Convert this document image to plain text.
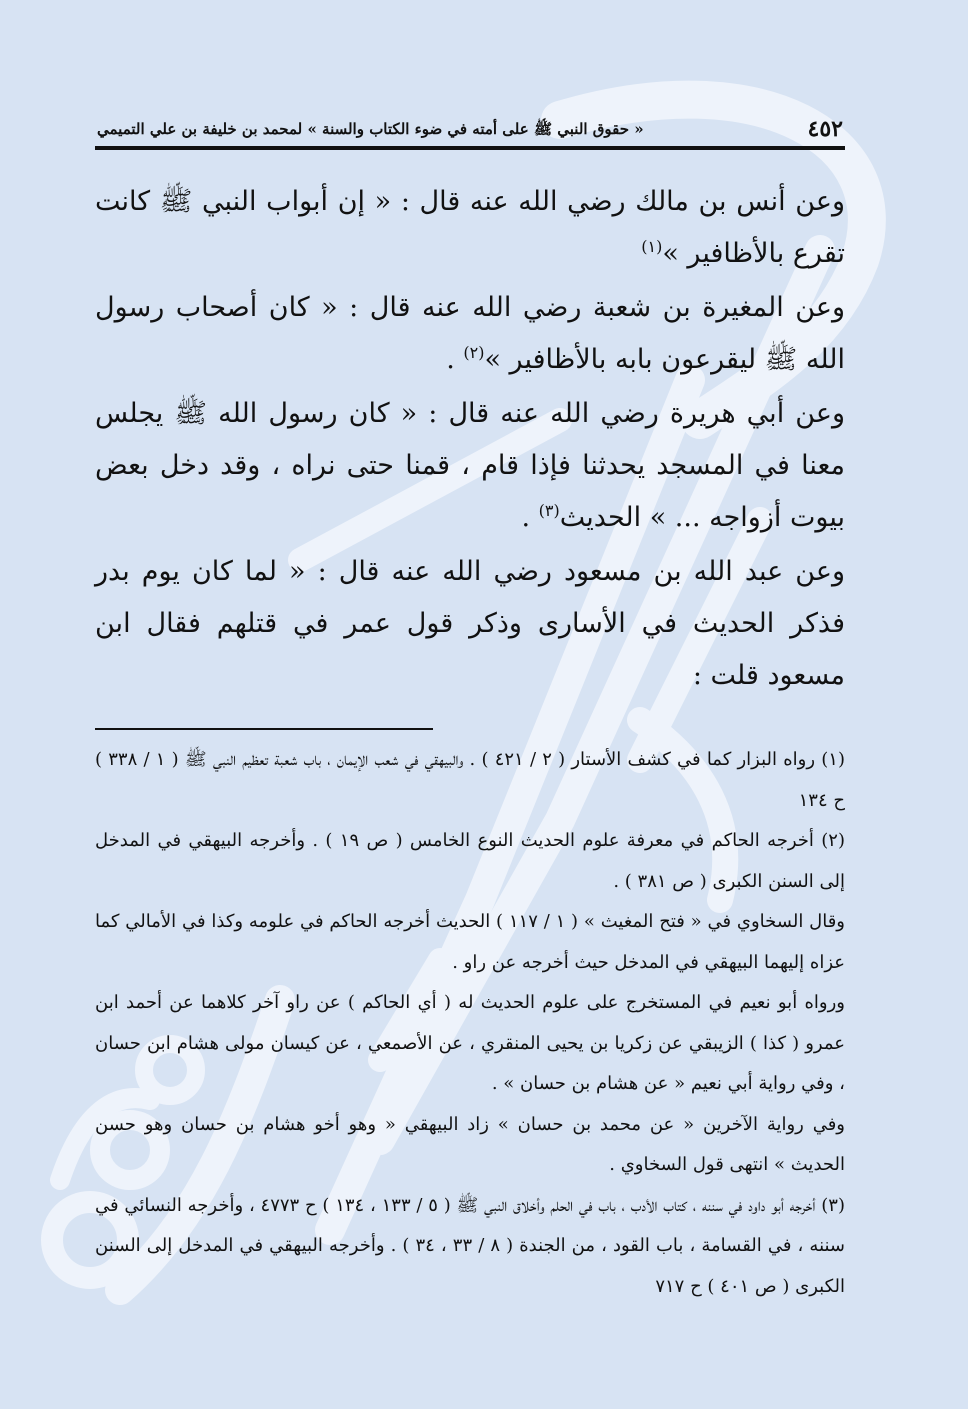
٤٥٢
« حقوق النبي ﷺ على أمته في ضوء الكتاب والسنة » لمحمد بن خليفة بن علي التميمي

وعن أنس بن مالك رضي الله عنه قال : « إن أبواب النبي ﷺ كانت تقرع بالأظافير »$^{(١)}$

وعن المغيرة بن شعبة رضي الله عنه قال : « كان أصحاب رسول الله ﷺ ليقرعون بابه بالأظافير »$^{(٢)}$ .

وعن أبي هريرة رضي الله عنه قال : « كان رسول الله ﷺ يجلس معنا في المسجد يحدثنا فإذا قام ، قمنا حتى نراه ، وقد دخل بعض بيوت أزواجه ... » الحديث$^{(٣)}$ .

وعن عبد الله بن مسعود رضي الله عنه قال : « لما كان يوم بدر فذكر الحديث في الأسارى وذكر قول عمر في قتلهم فقال ابن مسعود قلت :

(١) رواه البزار كما في كشف الأستار ( ٢ / ٤٢١ ) . والبيهقي في شعب الإيمان ، باب شعبة تعظيم النبي ﷺ ( ١ / ٣٣٨ ) ح ١٣٤

(٢) أخرجه الحاكم في معرفة علوم الحديث النوع الخامس ( ص ١٩ ) . وأخرجه البيهقي في المدخل إلى السنن الكبرى ( ص ٣٨١ ) .

وقال السخاوي في « فتح المغيث » ( ١ / ١١٧ ) الحديث أخرجه الحاكم في علومه وكذا في الأمالي كما عزاه إليهما البيهقي في المدخل حيث أخرجه عن راو .

ورواه أبو نعيم في المستخرج على علوم الحديث له ( أي الحاكم ) عن راو آخر كلاهما عن أحمد ابن عمرو ( كذا ) الزيبقي عن زكريا بن يحيى المنقري ، عن الأصمعي ، عن كيسان مولى هشام ابن حسان ، وفي رواية أبي نعيم « عن هشام بن حسان » .

وفي رواية الآخرين « عن محمد بن حسان » زاد البيهقي « وهو أخو هشام بن حسان وهو حسن الحديث » انتهى قول السخاوي .

(٣) أخرجه أبو داود في سننه ، كتاب الأدب ، باب في الحلم وأخلاق النبي ﷺ ( ٥ / ١٣٣ ، ١٣٤ ) ح ٤٧٧٣ ، وأخرجه النسائي في سننه ، في القسامة ، باب القود ، من الجندة ( ٨ / ٣٣ ، ٣٤ ) . وأخرجه البيهقي في المدخل إلى السنن الكبرى ( ص ٤٠١ ) ح ٧١٧
